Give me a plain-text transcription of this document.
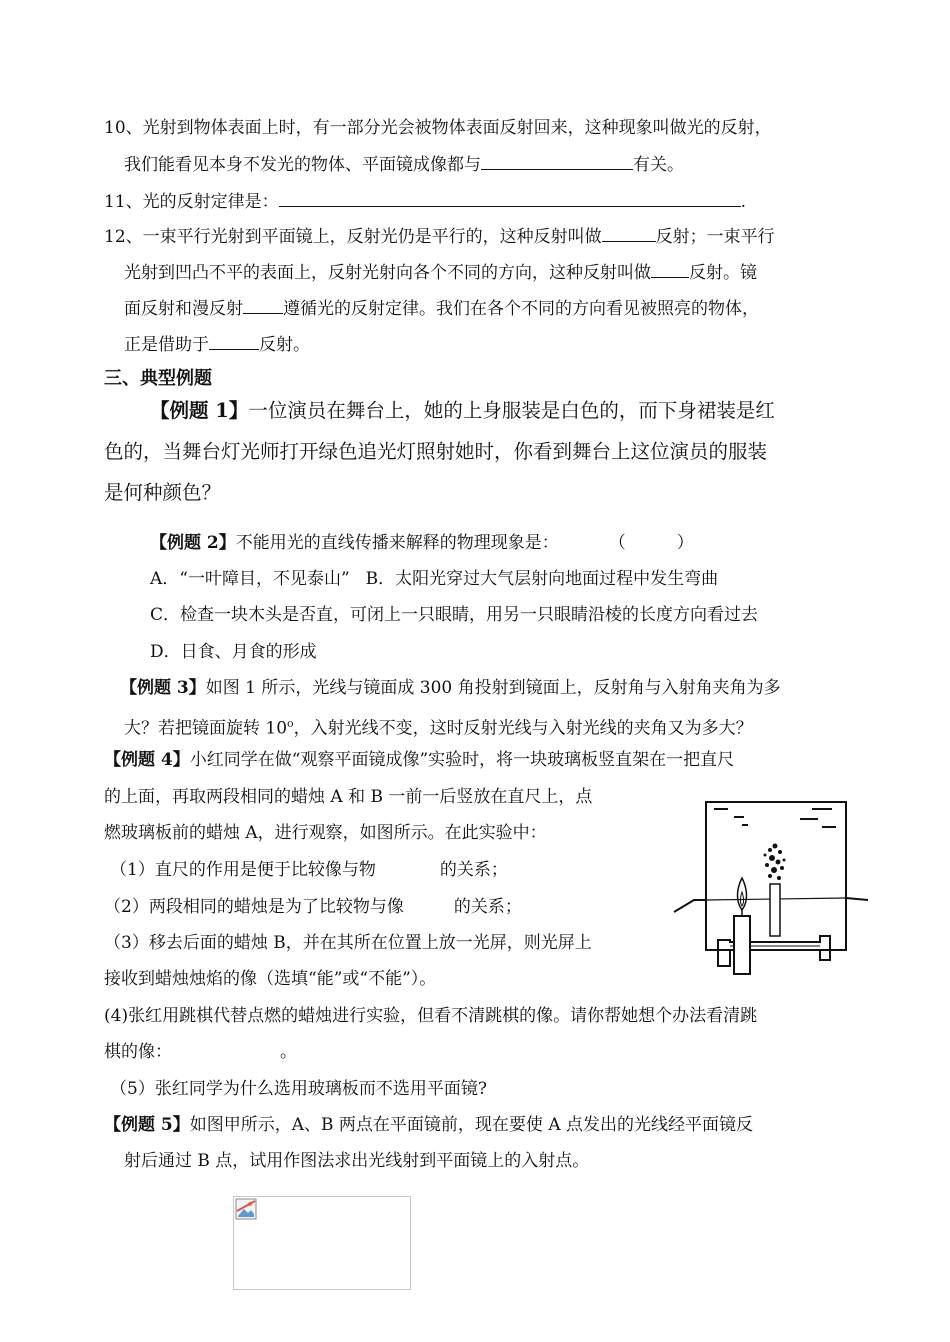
10、光射到物体表面上时，有一部分光会被物体表面反射回来，这种现象叫做光的反射，
我们能看见本身不发光的物体、平面镜成像都与	有关。
11、光的反射定律是：	.
12、一束平行光射到平面镜上，反射光仍是平行的，这种反射叫做	反射；一束平行
光射到凹凸不平的表面上，反射光射向各个不同的方向，这种反射叫做 反射。镜
面反射和漫反射 遵循光的反射定律。我们在各个不同的方向看见被照亮的物体，
正是借助于	反射。
三、典型例题
【例题 1】一位演员在舞台上，她的上身服装是白色的，而下身裙装是红
色的，当舞台灯光师打开绿色追光灯照射她时，你看到舞台上这位演员的服装
是何种颜色？
【例题 2】不能用光的直线传播来解释的物理现象是：	（　　　）
A．“一叶障目，不见泰山” B．太阳光穿过大气层射向地面过程中发生弯曲
C．检查一块木头是否直，可闭上一只眼睛，用另一只眼睛沿棱的长度方向看过去
D．日食、月食的形成
【例题 3】如图 1 所示，光线与镜面成 300 角投射到镜面上，反射角与入射角夹角为多
大？若把镜面旋转 10$^o$，入射光线不变，这时反射光线与入射光线的夹角又为多大？
【例题 4】小红同学在做“观察平面镜成像”实验时，将一块玻璃板竖直架在一把直尺
的上面，再取两段相同的蜡烛 A 和 B 一前一后竖放在直尺上，点
燃玻璃板前的蜡烛 A，进行观察，如图所示。在此实验中：
（1）直尺的作用是便于比较像与物	的关系；
（2）两段相同的蜡烛是为了比较物与像	的关系；
（3）移去后面的蜡烛 B，并在其所在位置上放一光屏，则光屏上
接收到蜡烛烛焰的像（选填“能”或“不能”）。
(4)张红用跳棋代替点燃的蜡烛进行实验，但看不清跳棋的像。请你帮她想个办法看清跳
棋的像：	。
（5）张红同学为什么选用玻璃板而不选用平面镜?
【例题 5】如图甲所示，A、B 两点在平面镜前，现在要使 A 点发出的光线经平面镜反
射后通过 B 点，试用作图法求出光线射到平面镜上的入射点。
